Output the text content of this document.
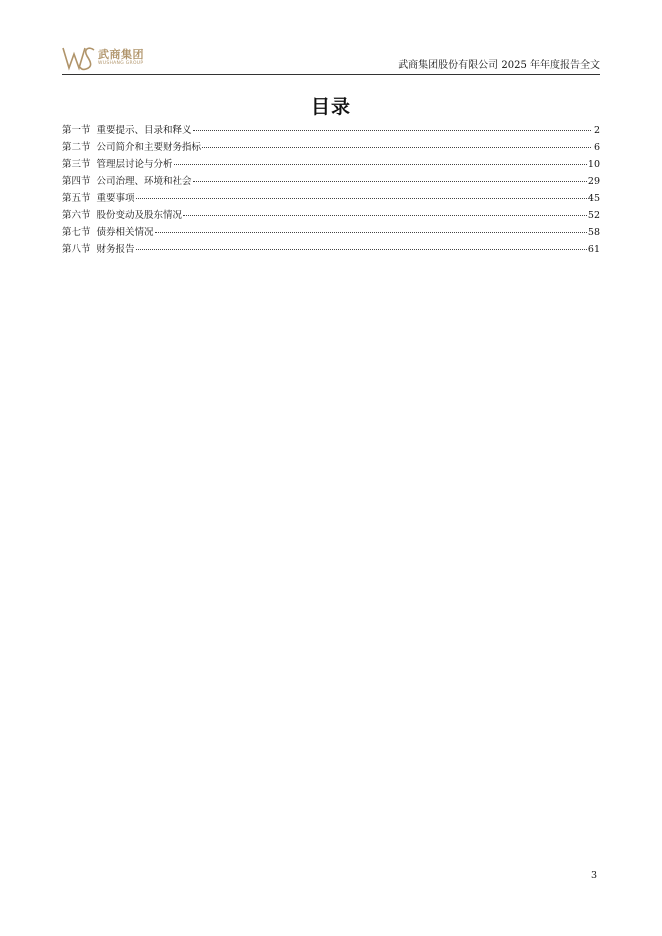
武商集团
WUSHANG GROUP	武商集团股份有限公司 2025 年年度报告全文
目录
第一节 重要提示、目录和释义	2
第二节 公司简介和主要财务指标	6
第三节 管理层讨论与分析	10
第四节 公司治理、环境和社会	29
第五节 重要事项	45
第六节 股份变动及股东情况	52
第七节 债券相关情况	58
第八节 财务报告	61
3
